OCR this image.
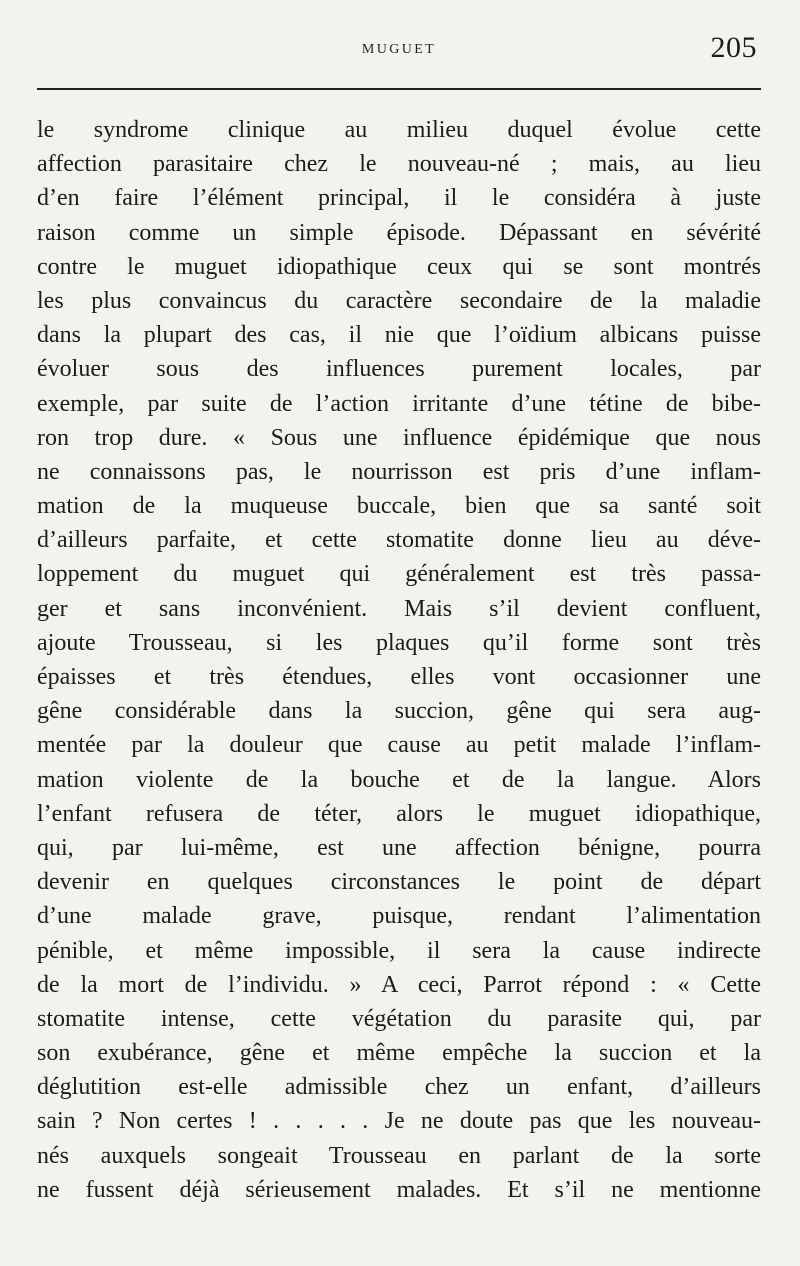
MUGUET	205
le syndrome clinique au milieu duquel évolue cette
affection parasitaire chez le nouveau-né ; mais, au lieu
d’en faire l’élément principal, il le considéra à juste
raison comme un simple épisode. Dépassant en sévérité
contre le muguet idiopathique ceux qui se sont montrés
les plus convaincus du caractère secondaire de la maladie
dans la plupart des cas, il nie que l’oïdium albicans puisse
évoluer sous des influences purement locales, par
exemple, par suite de l’action irritante d’une tétine de bibe-
ron trop dure. « Sous une influence épidémique que nous
ne connaissons pas, le nourrisson est pris d’une inflam-
mation de la muqueuse buccale, bien que sa santé soit
d’ailleurs parfaite, et cette stomatite donne lieu au déve-
loppement du muguet qui généralement est très passa-
ger et sans inconvénient. Mais s’il devient confluent,
ajoute Trousseau, si les plaques qu’il forme sont très
épaisses et très étendues, elles vont occasionner une
gêne considérable dans la succion, gêne qui sera aug-
mentée par la douleur que cause au petit malade l’inflam-
mation violente de la bouche et de la langue. Alors
l’enfant refusera de téter, alors le muguet idiopathique,
qui, par lui-même, est une affection bénigne, pourra
devenir en quelques circonstances le point de départ
d’une malade grave, puisque, rendant l’alimentation
pénible, et même impossible, il sera la cause indirecte
de la mort de l’individu. » A ceci, Parrot répond : « Cette
stomatite intense, cette végétation du parasite qui, par
son exubérance, gêne et même empêche la succion et la
déglutition est-elle admissible chez un enfant, d’ailleurs
sain ? Non certes ! . . . . . Je ne doute pas que les nouveau-
nés auxquels songeait Trousseau en parlant de la sorte
ne fussent déjà sérieusement malades. Et s’il ne mentionne
